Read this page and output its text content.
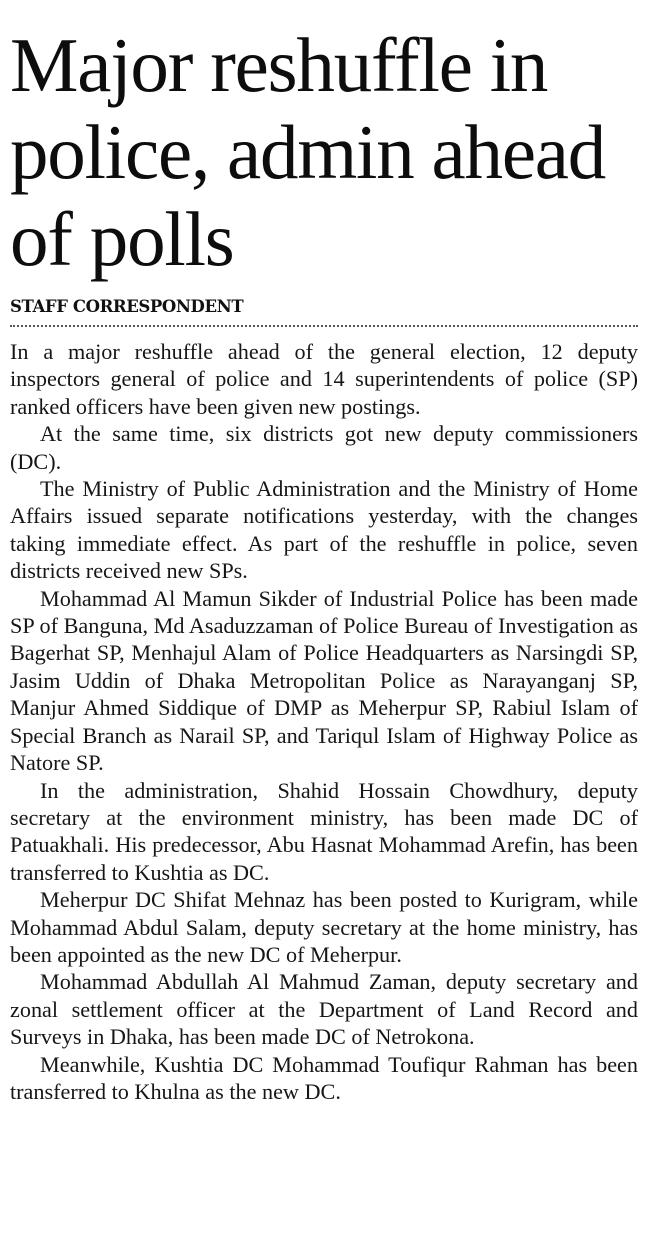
Major reshuffle in police, admin ahead of polls
STAFF CORRESPONDENT

In a major reshuffle ahead of the general election, 12 deputy inspectors general of police and 14 superintendents of police (SP) ranked officers have been given new postings.

At the same time, six districts got new deputy commissioners (DC).

The Ministry of Public Administration and the Ministry of Home Affairs issued separate notifications yesterday, with the changes taking immediate effect. As part of the reshuffle in police, seven districts received new SPs.

Mohammad Al Mamun Sikder of Industrial Police has been made SP of Banguna, Md Asaduzzaman of Police Bureau of Investigation as Bagerhat SP, Menhajul Alam of Police Headquarters as Narsingdi SP, Jasim Uddin of Dhaka Metropolitan Police as Narayanganj SP, Manjur Ahmed Siddique of DMP as Meherpur SP, Rabiul Islam of Special Branch as Narail SP, and Tariqul Islam of Highway Police as Natore SP.

In the administration, Shahid Hossain Chowdhury, deputy secretary at the environment ministry, has been made DC of Patuakhali. His predecessor, Abu Hasnat Mohammad Arefin, has been transferred to Kushtia as DC.

Meherpur DC Shifat Mehnaz has been posted to Kurigram, while Mohammad Abdul Salam, deputy secretary at the home ministry, has been appointed as the new DC of Meherpur.

Mohammad Abdullah Al Mahmud Zaman, deputy secretary and zonal settlement officer at the Department of Land Record and Surveys in Dhaka, has been made DC of Netrokona.

Meanwhile, Kushtia DC Mohammad Toufiqur Rahman has been transferred to Khulna as the new DC.
